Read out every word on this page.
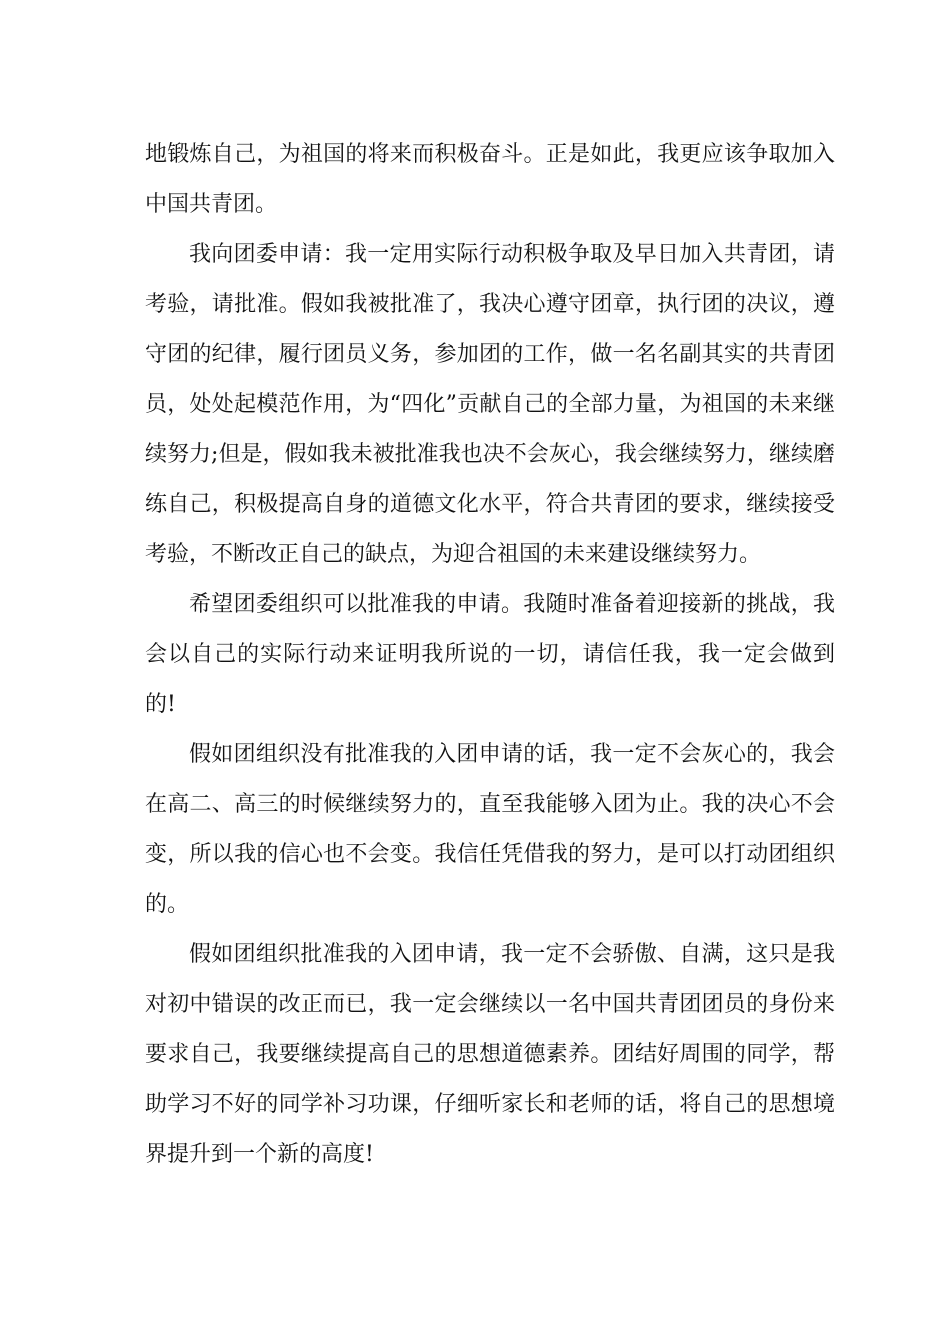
地锻炼自己，为祖国的将来而积极奋斗。正是如此，我更应该争取加入中国共青团。

我向团委申请：我一定用实际行动积极争取及早日加入共青团，请考验，请批准。假如我被批准了，我决心遵守团章，执行团的决议，遵守团的纪律，履行团员义务，参加团的工作，做一名名副其实的共青团员，处处起模范作用，为“四化”贡献自己的全部力量，为祖国的未来继续努力;但是，假如我未被批准我也决不会灰心，我会继续努力，继续磨练自己，积极提高自身的道德文化水平，符合共青团的要求，继续接受考验，不断改正自己的缺点，为迎合祖国的未来建设继续努力。

希望团委组织可以批准我的申请。我随时准备着迎接新的挑战，我会以自己的实际行动来证明我所说的一切，请信任我，我一定会做到的!

假如团组织没有批准我的入团申请的话，我一定不会灰心的，我会在高二、高三的时候继续努力的，直至我能够入团为止。我的决心不会变，所以我的信心也不会变。我信任凭借我的努力，是可以打动团组织的。

假如团组织批准我的入团申请，我一定不会骄傲、自满，这只是我对初中错误的改正而已，我一定会继续以一名中国共青团团员的身份来要求自己，我要继续提高自己的思想道德素养。团结好周围的同学，帮助学习不好的同学补习功课，仔细听家长和老师的话，将自己的思想境界提升到一个新的高度!
